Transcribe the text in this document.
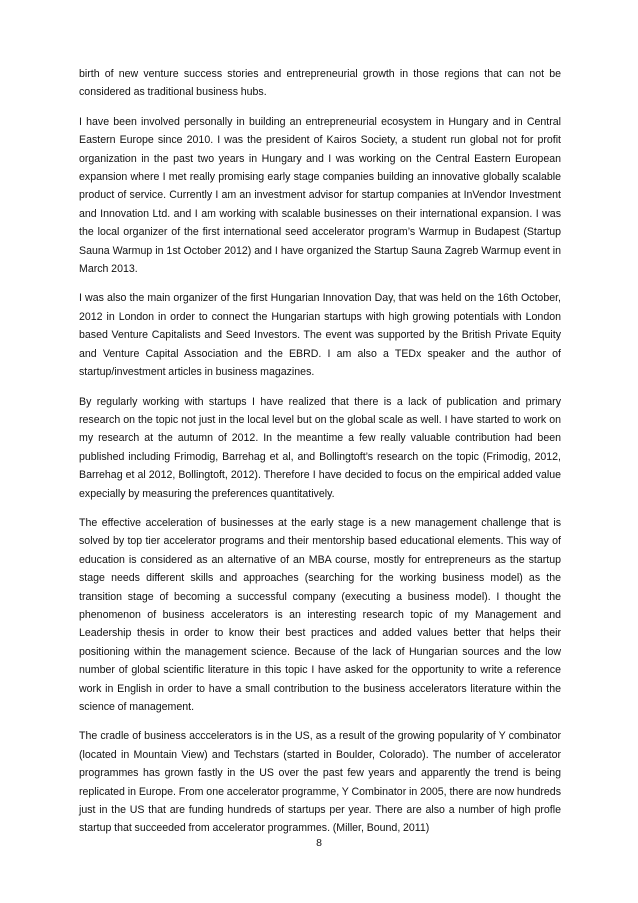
birth of new venture success stories and entrepreneurial growth in those regions that can not be considered as traditional business hubs.

I have been involved personally in building an entrepreneurial ecosystem in Hungary and in Central Eastern Europe since 2010. I was the president of Kairos Society, a student run global not for profit organization in the past two years in Hungary and I was working on the Central Eastern European expansion where I met really promising early stage companies building an innovative globally scalable product of service. Currently I am an investment advisor for startup companies at InVendor Investment and Innovation Ltd. and I am working with scalable businesses on their international expansion. I was the local organizer of the first international seed accelerator program’s Warmup in Budapest (Startup Sauna Warmup in 1st October 2012) and I have organized the Startup Sauna Zagreb Warmup event in March 2013.

I was also the main organizer of the first Hungarian Innovation Day, that was held on the 16th October, 2012 in London in order to connect the Hungarian startups with high growing potentials with London based Venture Capitalists and Seed Investors. The event was supported by the British Private Equity and Venture Capital Association and the EBRD. I am also a TEDx speaker and the author of startup/investment articles in business magazines.

By regularly working with startups I have realized that there is a lack of publication and primary research on the topic not just in the local level but on the global scale as well. I have started to work on my research at the autumn of 2012. In the meantime a few really valuable contribution had been published including Frimodig, Barrehag et al, and Bollingtoft’s research on the topic (Frimodig, 2012, Barrehag et al 2012, Bollingtoft, 2012). Therefore I have decided to focus on the empirical added value expecially by measuring the preferences quantitatively.

The effective acceleration of businesses at the early stage is a new management challenge that is solved by top tier accelerator programs and their mentorship based educational elements. This way of education is considered as an alternative of an MBA course, mostly for entrepreneurs as the startup stage needs different skills and approaches (searching for the working business model) as the transition stage of becoming a successful company (executing a business model). I thought the phenomenon of business accelerators is an interesting research topic of my Management and Leadership thesis in order to know their best practices and added values better that helps their positioning within the management science. Because of the lack of Hungarian sources and the low number of global scientific literature in this topic I have asked for the opportunity to write a reference work in English in order to have a small contribution to the business accelerators literature within the science of management.

The cradle of business acccelerators is in the US, as a result of the growing popularity of Y combinator (located in Mountain View) and Techstars (started in Boulder, Colorado). The number of accelerator programmes has grown fastly in the US over the past few years and apparently the trend is being replicated in Europe. From one accelerator programme, Y Combinator in 2005, there are now hundreds just in the US that are funding hundreds of startups per year. There are also a number of high profle startup that succeeded from accelerator programmes. (Miller, Bound, 2011)

8
